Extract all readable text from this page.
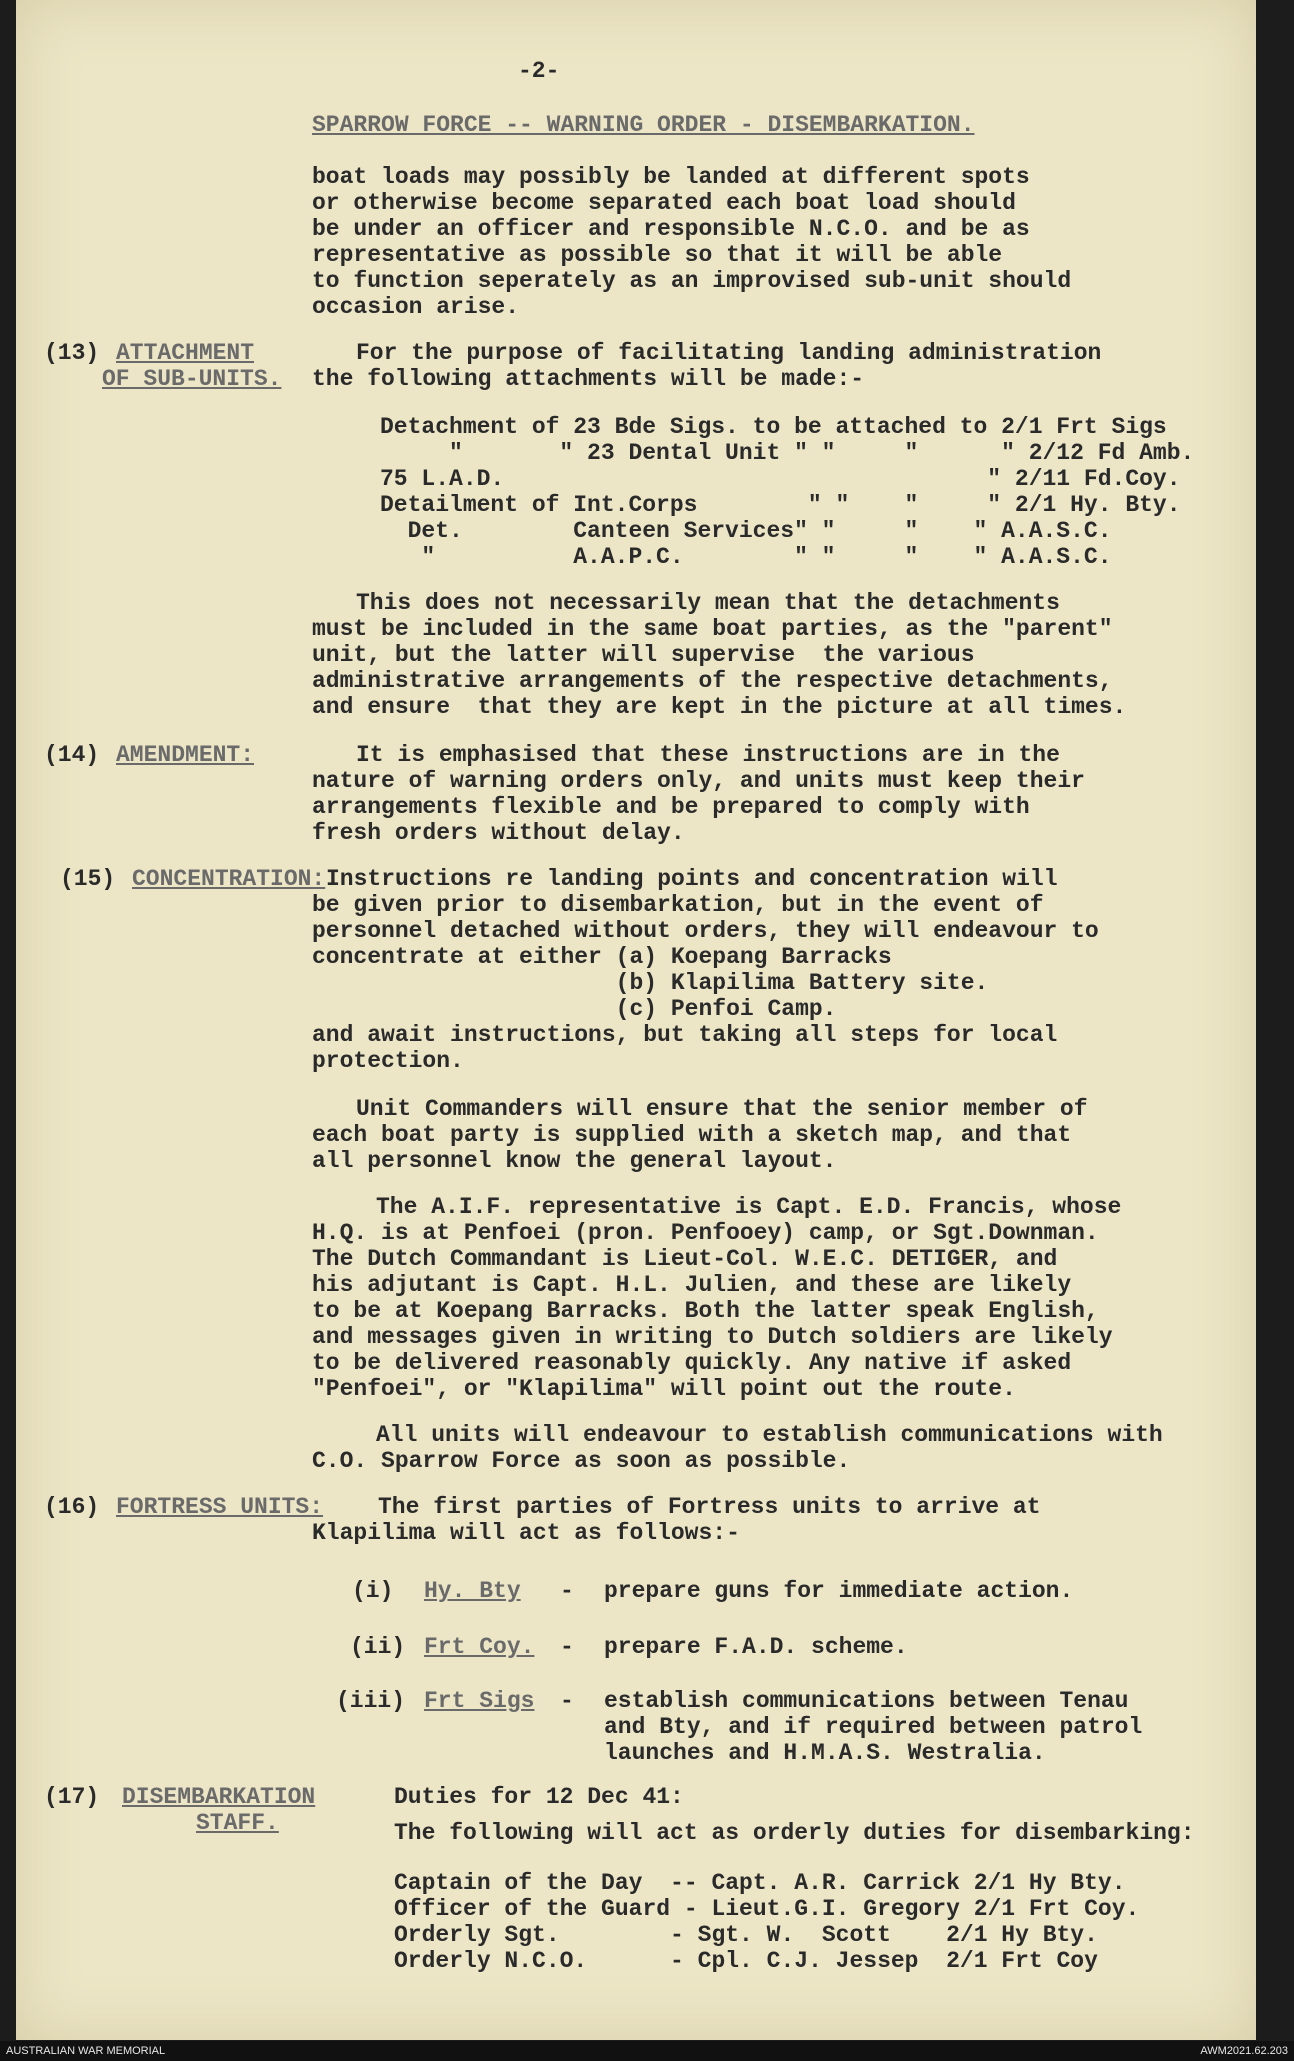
-2-
SPARROW FORCE -- WARNING ORDER - DISEMBARKATION.
boat loads may possibly be landed at different spots
or otherwise become separated each boat load should
be under an officer and responsible N.C.O. and be as
representative as possible so that it will be able
to function seperately as an improvised sub-unit should
occasion arise.
(13) ATTACHMENT
OF SUB-UNITS.
For the purpose of facilitating landing administration
the following attachments will be made:-
Detachment of 23 Bde Sigs. to be attached to 2/1 Frt Sigs
"       " 23 Dental Unit " "     "      " 2/12 Fd Amb.
75 L.A.D.                                   " 2/11 Fd.Coy.
Detailment of Int.Corps        " "    "     " 2/1 Hy. Bty.
Det.        Canteen Services" "     "    " A.A.S.C.
"          A.A.P.C.        " "     "    " A.A.S.C.
This does not necessarily mean that the detachments
must be included in the same boat parties, as the "parent"
unit, but the latter will supervise  the various
administrative arrangements of the respective detachments,
and ensure  that they are kept in the picture at all times.
(14) AMENDMENT:	It is emphasised that these instructions are in the
nature of warning orders only, and units must keep their
arrangements flexible and be prepared to comply with
fresh orders without delay.
(15) CONCENTRATION: Instructions re landing points and concentration will
be given prior to disembarkation, but in the event of
personnel detached without orders, they will endeavour to
concentrate at either (a) Koepang Barracks
(b) Klapilima Battery site.
(c) Penfoi Camp.
and await instructions, but taking all steps for local
protection.
Unit Commanders will ensure that the senior member of
each boat party is supplied with a sketch map, and that
all personnel know the general layout.
The A.I.F. representative is Capt. E.D. Francis, whose
H.Q. is at Penfoei (pron. Penfooey) camp, or Sgt.Downman.
The Dutch Commandant is Lieut-Col. W.E.C. DETIGER, and
his adjutant is Capt. H.L. Julien, and these are likely
to be at Koepang Barracks. Both the latter speak English,
and messages given in writing to Dutch soldiers are likely
to be delivered reasonably quickly. Any native if asked
"Penfoei", or "Klapilima" will point out the route.
All units will endeavour to establish communications with
C.O. Sparrow Force as soon as possible.
(16) FORTRESS UNITS: The first parties of Fortress units to arrive at
Klapilima will act as follows:-
(i) Hy. Bty - prepare guns for immediate action.
(ii) Frt Coy. - prepare F.A.D. scheme.
(iii) Frt Sigs - establish communications between Tenau
and Bty, and if required between patrol
launches and H.M.A.S. Westralia.
(17) DISEMBARKATION
STAFF.
Duties for 12 Dec 41:
The following will act as orderly duties for disembarking:
Captain of the Day  -- Capt. A.R. Carrick 2/1 Hy Bty.
Officer of the Guard - Lieut.G.I. Gregory 2/1 Frt Coy.
Orderly Sgt.        - Sgt. W.  Scott    2/1 Hy Bty.
Orderly N.C.O.      - Cpl. C.J. Jessep  2/1 Frt Coy
AUSTRALIAN WAR MEMORIAL	AWM2021.62.203
